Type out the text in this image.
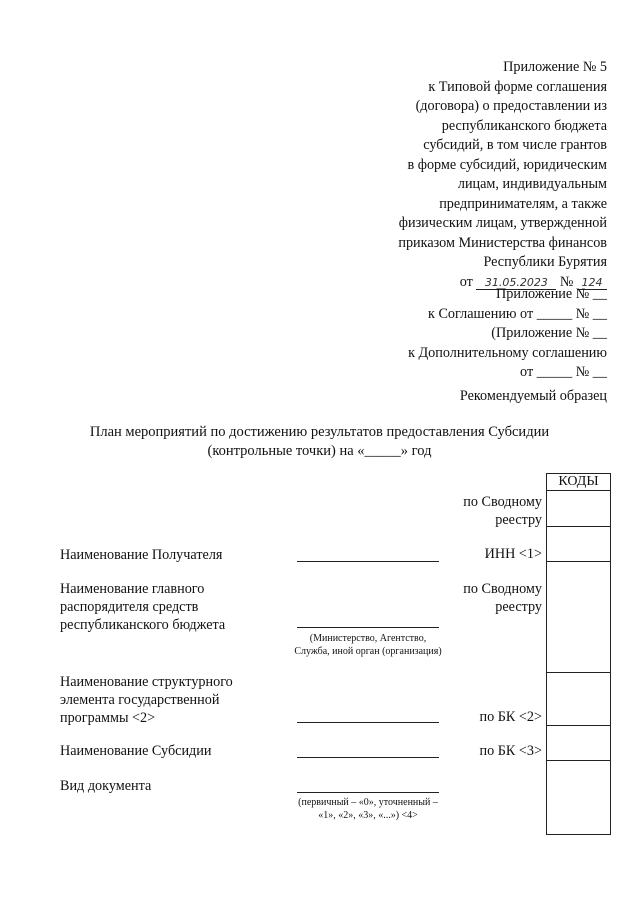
Приложение № 5
к Типовой форме соглашения
(договора) о предоставлении из
республиканского бюджета
субсидий, в том числе грантов
в форме субсидий, юридическим
лицам, индивидуальным
предпринимателям, а также
физическим лицам, утвержденной
приказом Министерства финансов
Республики Бурятия
от 31.05.2023 № 124
Приложение № __
к Соглашению от _____ № __
(Приложение № __
к Дополнительному соглашению
от _____ № __
Рекомендуемый образец
План мероприятий по достижению результатов предоставления Субсидии
(контрольные точки) на «_____» год
КОДЫ
по Сводному реестру
Наименование Получателя	ИНН <1>
Наименование главного распорядителя средств республиканского бюджета
по Сводному реестру
(Министерство, Агентство, Служба, иной орган (организация)
Наименование структурного элемента государственной программы <2>	по БК <2>
Наименование Субсидии	по БК <3>
Вид документа
(первичный – «0», уточненный – «1», «2», «3», «...») <4>
